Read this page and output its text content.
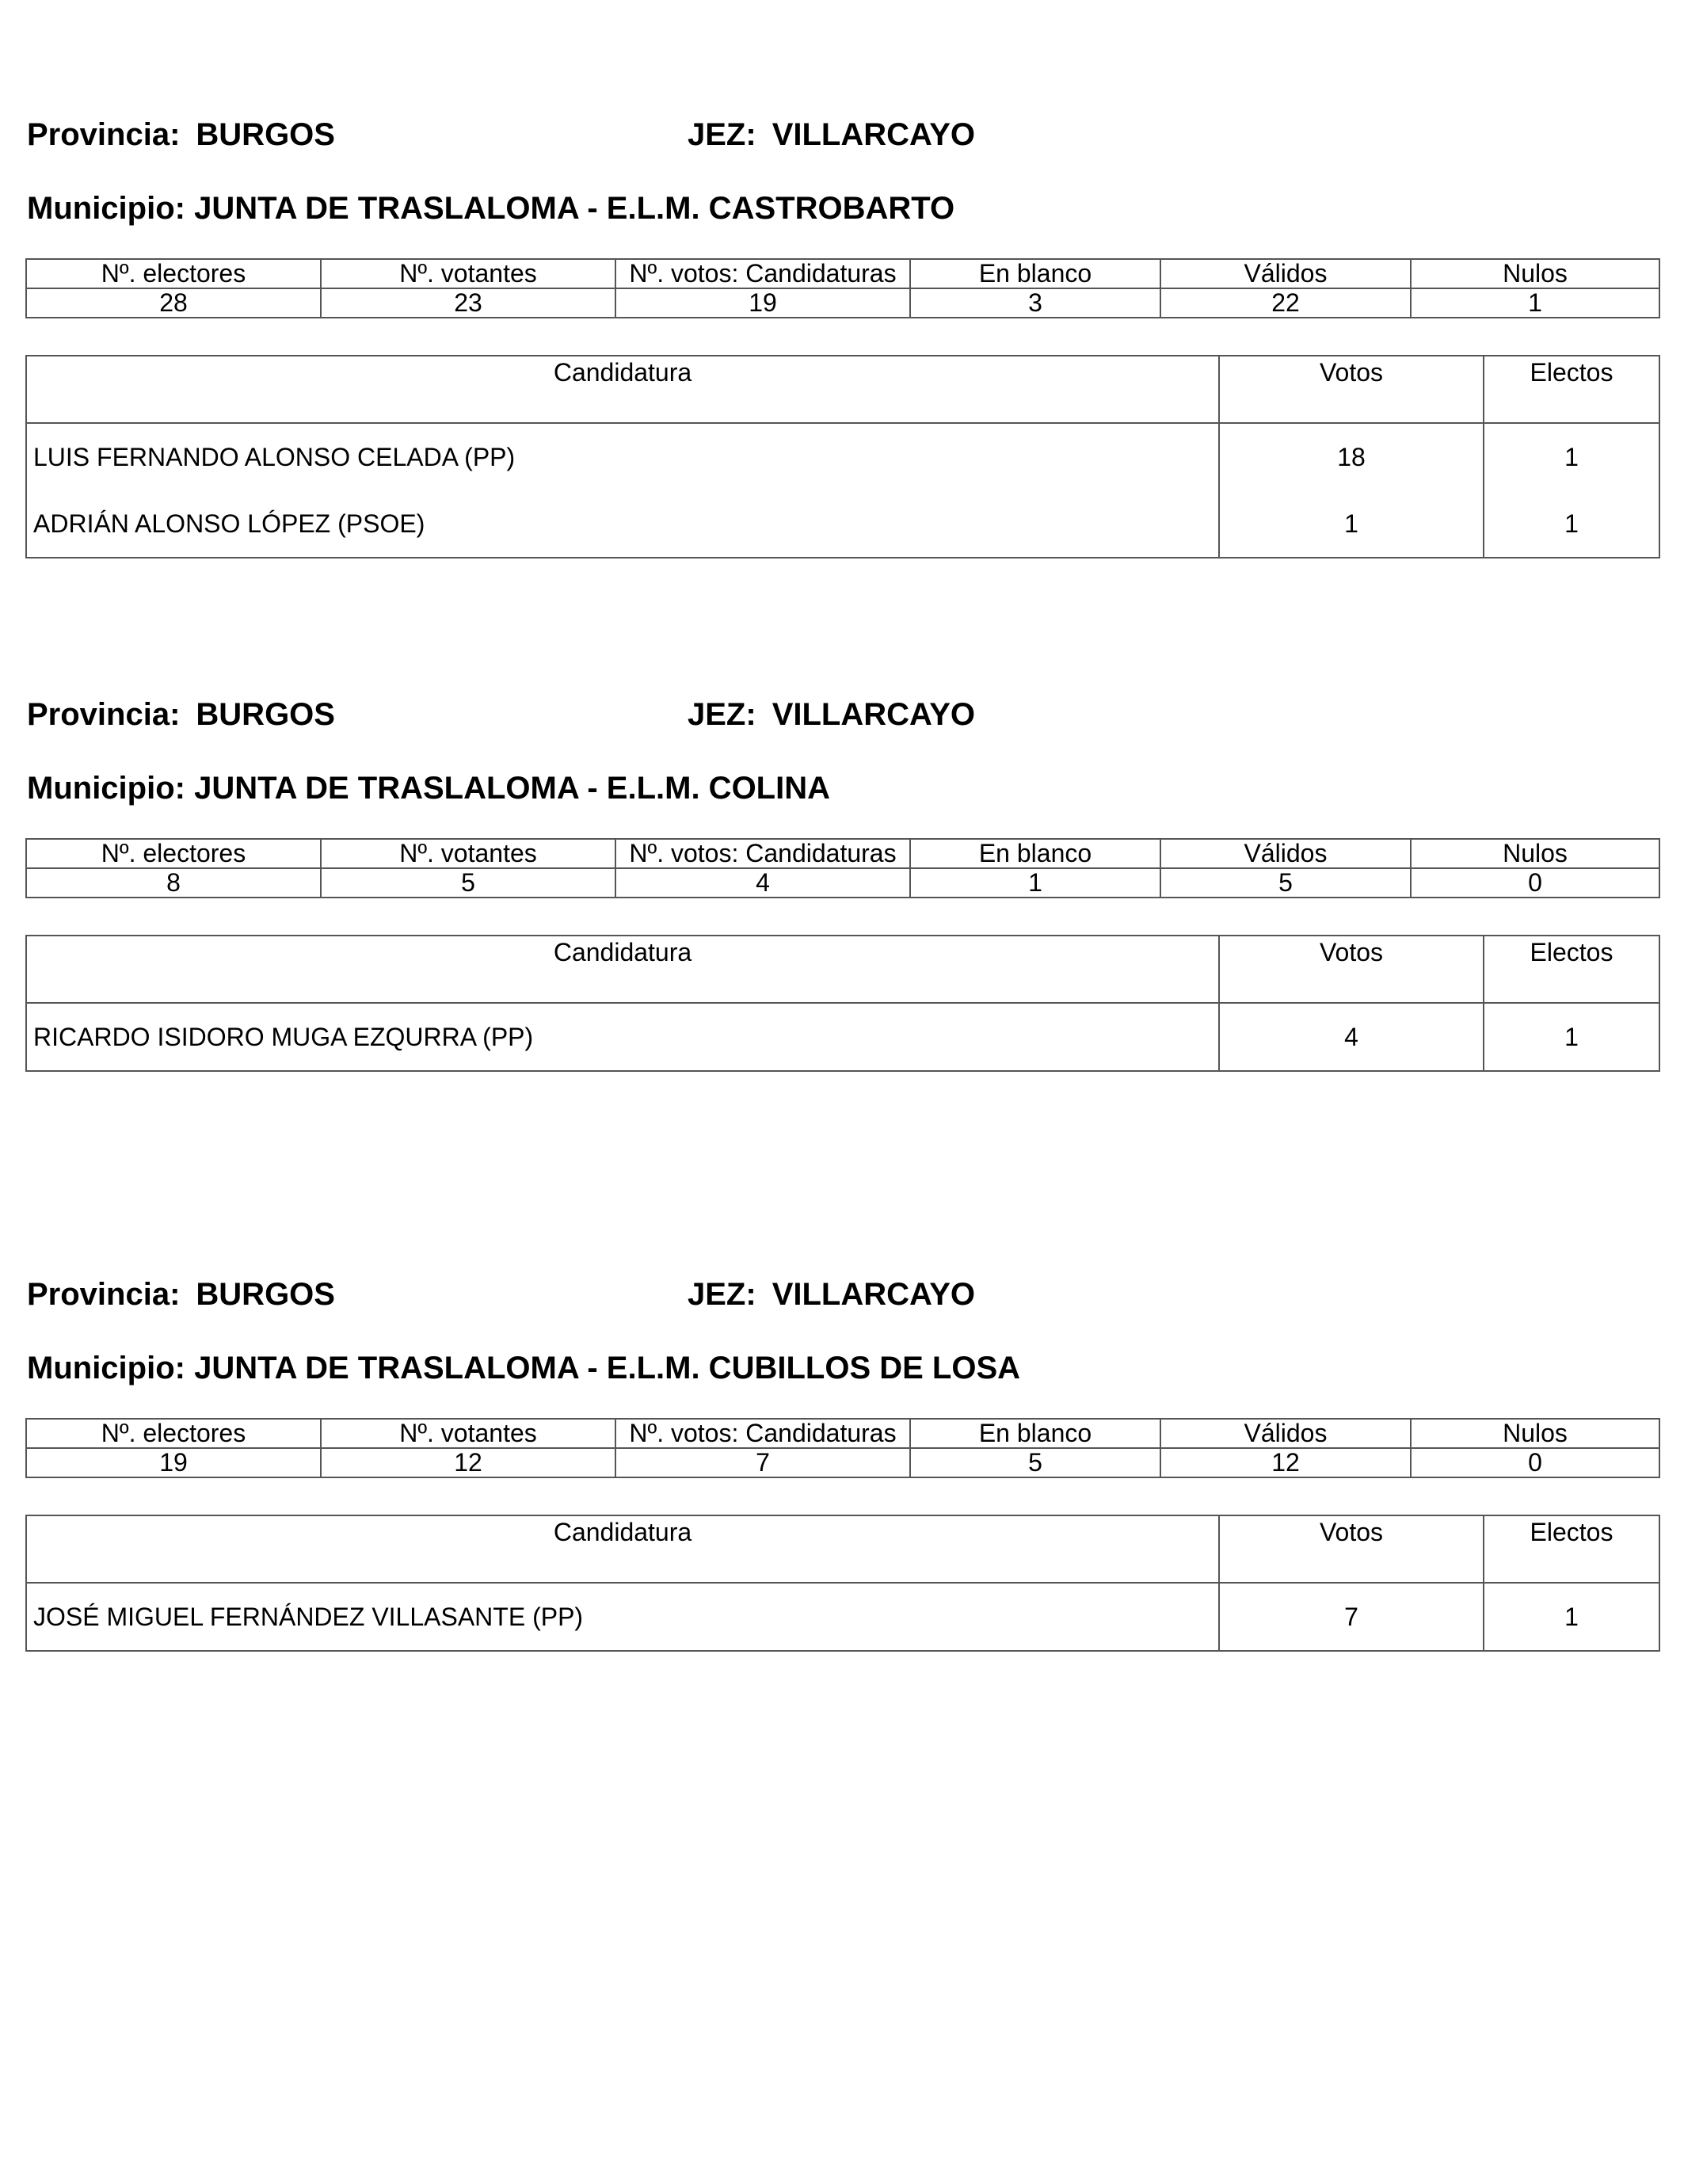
Provincia: BURGOS	JEZ: VILLARCAYO
Municipio: JUNTA DE TRASLALOMA - E.L.M. CASTROBARTO
Nº. electores	Nº. votantes	Nº. votos: Candidaturas	En blanco	Válidos	Nulos
28	23	19	3	22	1
Candidatura	Votos	Electos
LUIS FERNANDO ALONSO CELADA (PP)	18	1
ADRIÁN ALONSO LÓPEZ (PSOE)	1	1
Provincia: BURGOS	JEZ: VILLARCAYO
Municipio: JUNTA DE TRASLALOMA - E.L.M. COLINA
Nº. electores	Nº. votantes	Nº. votos: Candidaturas	En blanco	Válidos	Nulos
8	5	4	1	5	0
Candidatura	Votos	Electos
RICARDO ISIDORO MUGA EZQURRA (PP)	4	1
Provincia: BURGOS	JEZ: VILLARCAYO
Municipio: JUNTA DE TRASLALOMA - E.L.M. CUBILLOS DE LOSA
Nº. electores	Nº. votantes	Nº. votos: Candidaturas	En blanco	Válidos	Nulos
19	12	7	5	12	0
Candidatura	Votos	Electos
JOSÉ MIGUEL FERNÁNDEZ VILLASANTE (PP)	7	1
